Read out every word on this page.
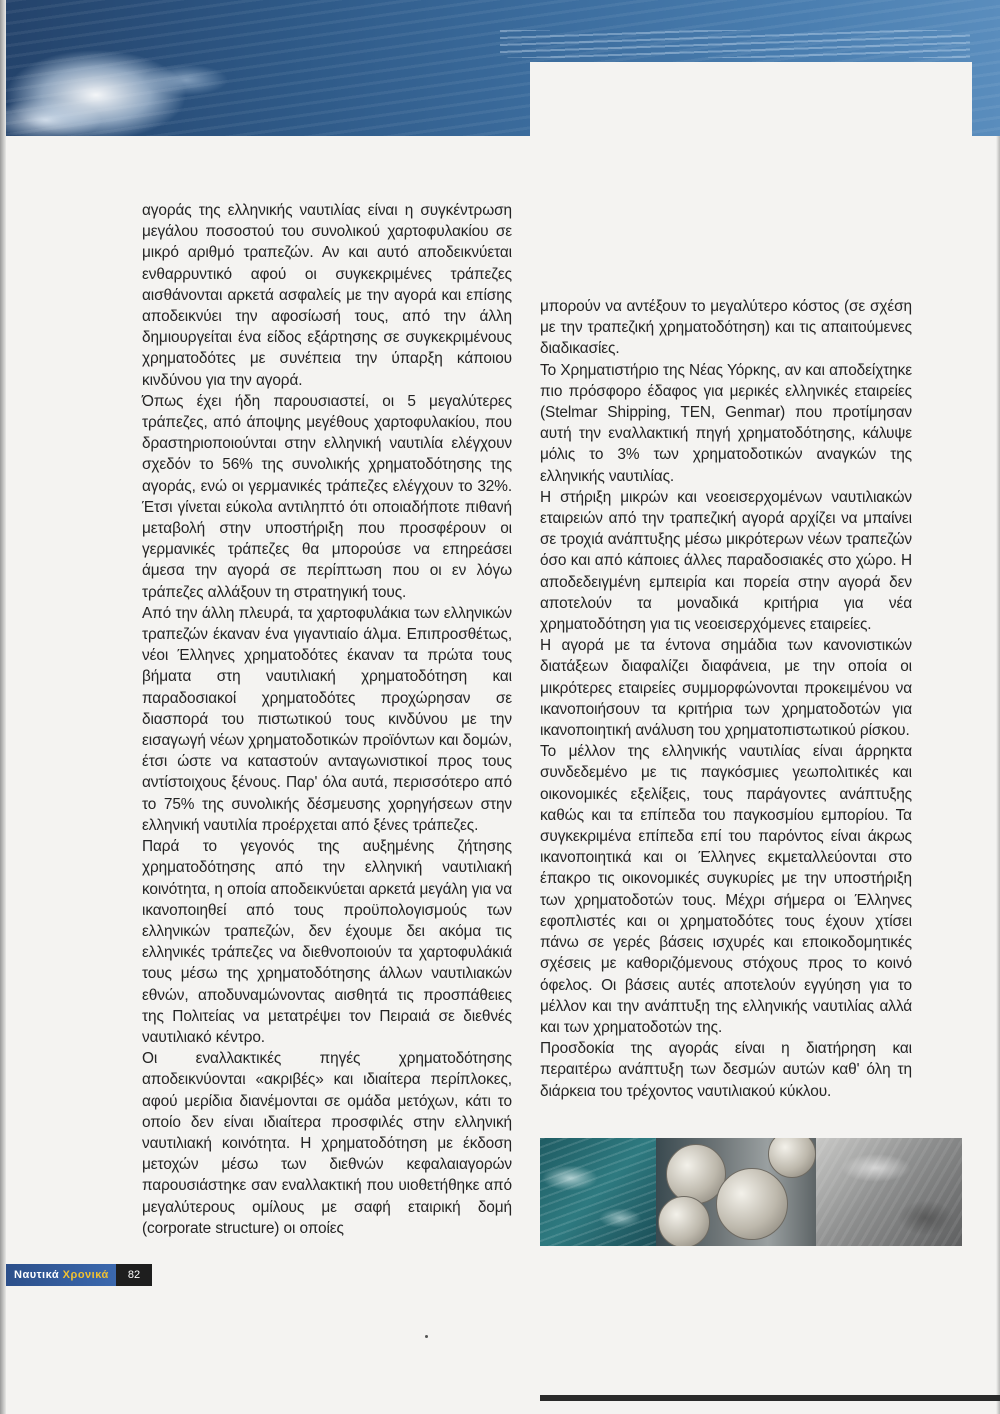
αγοράς της ελληνικής ναυτιλίας είναι η συγκέντρωση μεγάλου ποσοστού του συνολικού χαρτοφυλακίου σε μικρό αριθμό τραπεζών. Αν και αυτό αποδεικνύεται ενθαρρυντικό αφού οι συγκεκριμένες τράπεζες αισθάνονται αρκετά ασφαλείς με την αγορά και επίσης αποδεικνύει την αφοσίωσή τους, από την άλλη δημιουργείται ένα είδος εξάρτησης σε συγκεκριμένους χρηματοδότες με συνέπεια την ύπαρξη κάποιου κινδύνου για την αγορά.

Όπως έχει ήδη παρουσιαστεί, οι 5 μεγαλύτερες τράπεζες, από άποψης μεγέθους χαρτοφυλακίου, που δραστηριοποιούνται στην ελληνική ναυτιλία ελέγχουν σχεδόν το 56% της συνολικής χρηματοδότησης της αγοράς, ενώ οι γερμανικές τράπεζες ελέγχουν το 32%. Έτσι γίνεται εύκολα αντιληπτό ότι οποιαδήποτε πιθανή μεταβολή στην υποστήριξη που προσφέρουν οι γερμανικές τράπεζες θα μπορούσε να επηρεάσει άμεσα την αγορά σε περίπτωση που οι εν λόγω τράπεζες αλλάξουν τη στρατηγική τους.

Από την άλλη πλευρά, τα χαρτοφυλάκια των ελληνικών τραπεζών έκαναν ένα γιγαντιαίο άλμα. Επιπροσθέτως, νέοι Έλληνες χρηματοδότες έκαναν τα πρώτα τους βήματα στη ναυτιλιακή χρηματοδότηση και παραδοσιακοί χρηματοδότες προχώρησαν σε διασπορά του πιστωτικού τους κινδύνου με την εισαγωγή νέων χρηματοδοτικών προϊόντων και δομών, έτσι ώστε να καταστούν ανταγωνιστικοί προς τους αντίστοιχους ξένους. Παρ' όλα αυτά, περισσότερο από το 75% της συνολικής δέσμευσης χορηγήσεων στην ελληνική ναυτιλία προέρχεται από ξένες τράπεζες.

Παρά το γεγονός της αυξημένης ζήτησης χρηματοδότησης από την ελληνική ναυτιλιακή κοινότητα, η οποία αποδεικνύεται αρκετά μεγάλη για να ικανοποιηθεί από τους προϋπολογισμούς των ελληνικών τραπεζών, δεν έχουμε δει ακόμα τις ελληνικές τράπεζες να διεθνοποιούν τα χαρτοφυλάκιά τους μέσω της χρηματοδότησης άλλων ναυτιλιακών εθνών, αποδυναμώνοντας αισθητά τις προσπάθειες της Πολιτείας να μετατρέψει τον Πειραιά σε διεθνές ναυτιλιακό κέντρο.

Οι εναλλακτικές πηγές χρηματοδότησης αποδεικνύονται «ακριβές» και ιδιαίτερα περίπλοκες, αφού μερίδια διανέμονται σε ομάδα μετόχων, κάτι το οποίο δεν είναι ιδιαίτερα προσφιλές στην ελληνική ναυτιλιακή κοινότητα. Η χρηματοδότηση με έκδοση μετοχών μέσω των διεθνών κεφαλαιαγορών παρουσιάστηκε σαν εναλλακτική που υιοθετήθηκε από μεγαλύτερους ομίλους με σαφή εταιρική δομή (corporate structure) οι οποίες

μπορούν να αντέξουν το μεγαλύτερο κόστος (σε σχέση με την τραπεζική χρηματοδότηση) και τις απαιτούμενες διαδικασίες.

Το Χρηματιστήριο της Νέας Υόρκης, αν και αποδείχτηκε πιο πρόσφορο έδαφος για μερικές ελληνικές εταιρείες (Stelmar Shipping, TEN, Genmar) που προτίμησαν αυτή την εναλλακτική πηγή χρηματοδότησης, κάλυψε μόλις το 3% των χρηματοδοτικών αναγκών της ελληνικής ναυτιλίας.

Η στήριξη μικρών και νεοεισερχομένων ναυτιλιακών εταιρειών από την τραπεζική αγορά αρχίζει να μπαίνει σε τροχιά ανάπτυξης μέσω μικρότερων νέων τραπεζών όσο και από κάποιες άλλες παραδοσιακές στο χώρο. Η αποδεδειγμένη εμπειρία και πορεία στην αγορά δεν αποτελούν τα μοναδικά κριτήρια για νέα χρηματοδότηση για τις νεοεισερχόμενες εταιρείες.

Η αγορά με τα έντονα σημάδια των κανονιστικών διατάξεων διαφαλίζει διαφάνεια, με την οποία οι μικρότερες εταιρείες συμμορφώνονται προκειμένου να ικανοποιήσουν τα κριτήρια των χρηματοδοτών για ικανοποιητική ανάλυση του χρηματοπιστωτικού ρίσκου.

Το μέλλον της ελληνικής ναυτιλίας είναι άρρηκτα συνδεδεμένο με τις παγκόσμιες γεωπολιτικές και οικονομικές εξελίξεις, τους παράγοντες ανάπτυξης καθώς και τα επίπεδα του παγκοσμίου εμπορίου. Τα συγκεκριμένα επίπεδα επί του παρόντος είναι άκρως ικανοποιητικά και οι Έλληνες εκμεταλλεύονται στο έπακρο τις οικονομικές συγκυρίες με την υποστήριξη των χρηματοδοτών τους. Μέχρι σήμερα οι Έλληνες εφοπλιστές και οι χρηματοδότες τους έχουν χτίσει πάνω σε γερές βάσεις ισχυρές και εποικοδομητικές σχέσεις με καθοριζόμενους στόχους προς το κοινό όφελος. Οι βάσεις αυτές αποτελούν εγγύηση για το μέλλον και την ανάπτυξη της ελληνικής ναυτιλίας αλλά και των χρηματοδοτών της.

Προσδοκία της αγοράς είναι η διατήρηση και περαιτέρω ανάπτυξη των δεσμών αυτών καθ' όλη τη διάρκεια του τρέχοντος ναυτιλιακού κύκλου.

Ναυτικά Χρονικά	82
